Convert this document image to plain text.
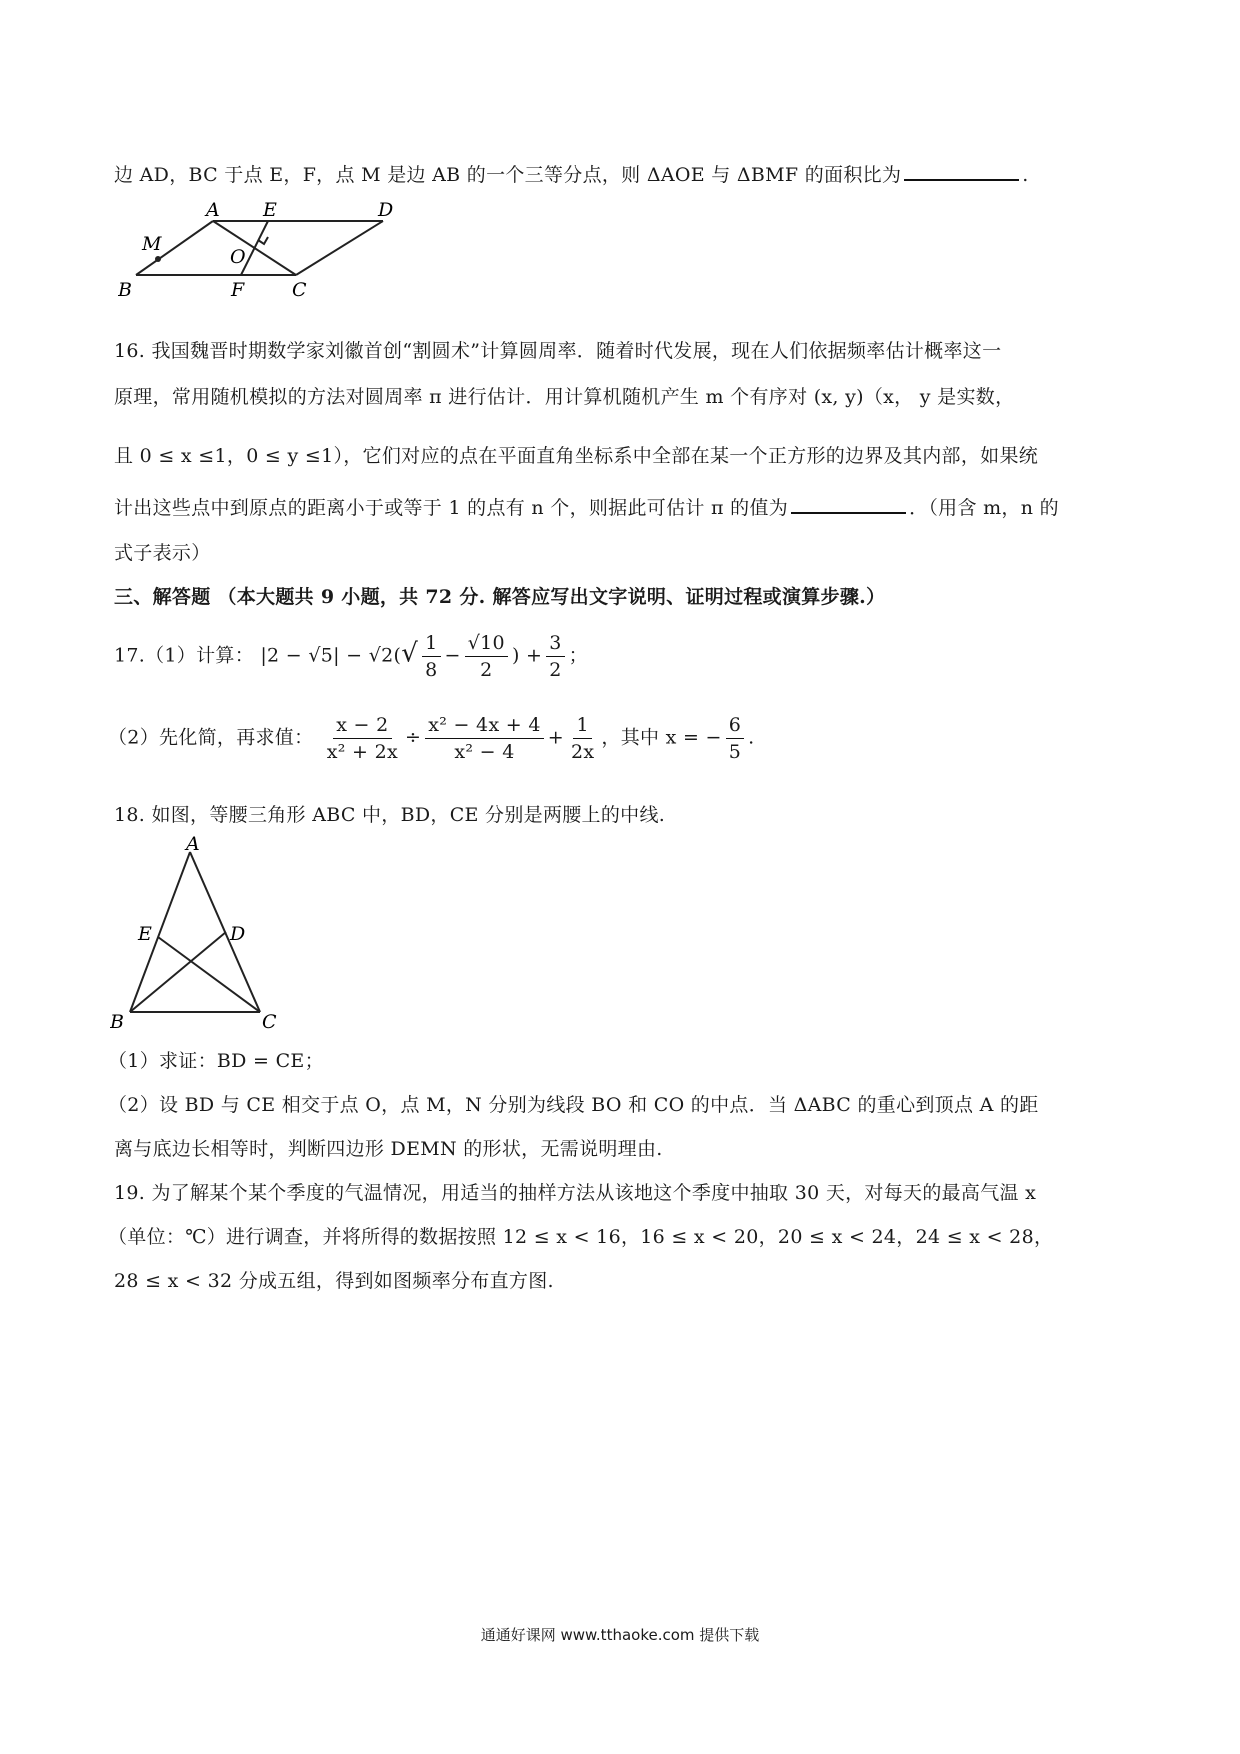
边 AD，BC 于点 E，F，点 M 是边 AB 的一个三等分点，则 ΔAOE 与 ΔBMF 的面积比为	.
A E	D
M
O
B	F	C
16. 我国魏晋时期数学家刘徽首创“割圆术”计算圆周率．随着时代发展，现在人们依据频率估计概率这一
原理，常用随机模拟的方法对圆周率 π 进行估计．用计算机随机产生 m 个有序对 (x, y)（x， y 是实数，
且 0 ≤ x ≤1，0 ≤ y ≤1），它们对应的点在平面直角坐标系中全部在某一个正方形的边界及其内部，如果统
计出这些点中到原点的距离小于或等于 1 的点有 n 个，则据此可估计 π 的值为	．（用含 m，n 的
式子表示）
三、解答题 （本大题共 9 小题，共 72 分. 解答应写出文字说明、证明过程或演算步骤.）
17.（1）计算： $|2 - √5| - √2(√ \frac{1}{8} - \frac{√10}{2}$ ) + $\frac{3}{2}$ ；
（2）先化简，再求值： $\frac{x - 2}{\text{x² + 2x}} \div \frac{\text{x² − 4x + 4}}{\text{x² − 4}} + \frac{1}{2x}$ ，其中 x = − $\frac{6}{5}$ .
18. 如图，等腰三角形 ABC 中，BD，CE 分别是两腰上的中线.
A
E	D
B	C
（1）求证：BD = CE；
（2）设 BD 与 CE 相交于点 O，点 M，N 分别为线段 BO 和 CO 的中点．当 ΔABC 的重心到顶点 A 的距
离与底边长相等时，判断四边形 DEMN 的形状，无需说明理由.
19. 为了解某个某个季度的气温情况，用适当的抽样方法从该地这个季度中抽取 30 天，对每天的最高气温 x
（单位：℃）进行调查，并将所得的数据按照 12 ≤ x < 16，16 ≤ x < 20，20 ≤ x < 24，24 ≤ x < 28，
28 ≤ x < 32 分成五组，得到如图频率分布直方图.
通通好课网 www.tthaoke.com 提供下载
